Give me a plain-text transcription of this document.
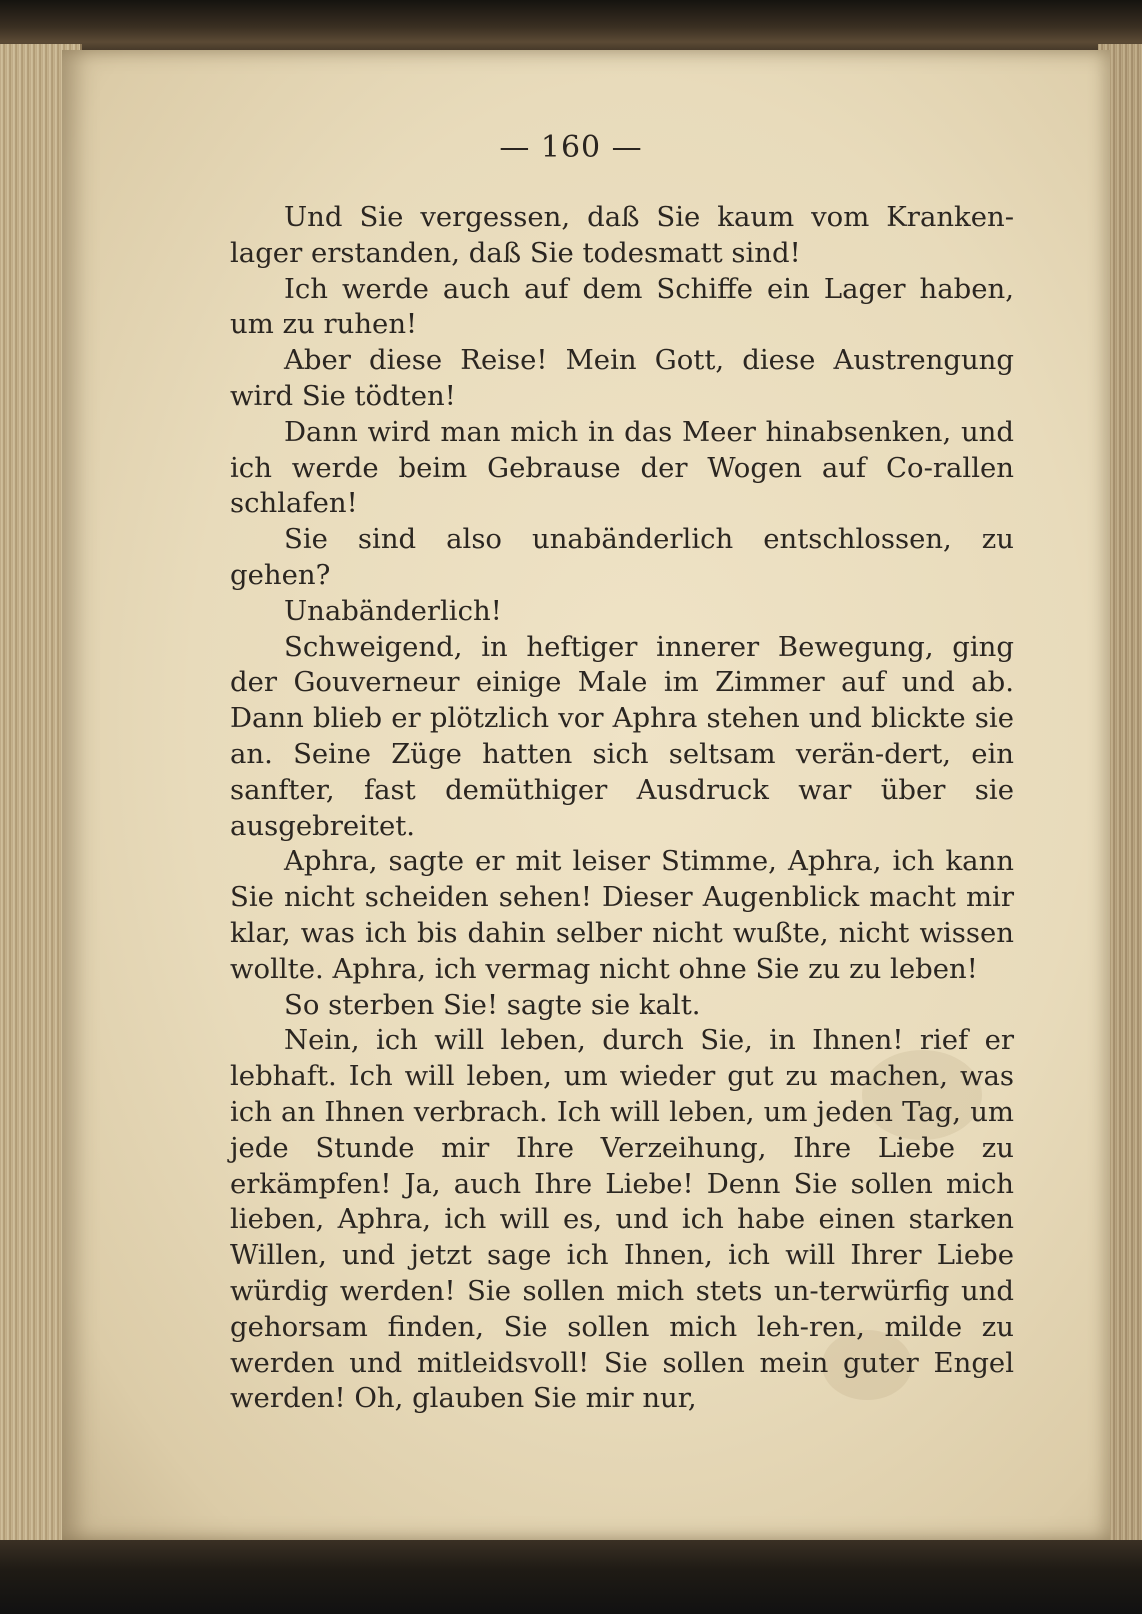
— 160 —

Und Sie vergessen, daß Sie kaum vom Kranken-lager erstanden, daß Sie todesmatt sind!

Ich werde auch auf dem Schiffe ein Lager haben, um zu ruhen!

Aber diese Reise! Mein Gott, diese Austrengung wird Sie tödten!

Dann wird man mich in das Meer hinabsenken, und ich werde beim Gebrause der Wogen auf Co-rallen schlafen!

Sie sind also unabänderlich entschlossen, zu gehen?

Unabänderlich!

Schweigend, in heftiger innerer Bewegung, ging der Gouverneur einige Male im Zimmer auf und ab. Dann blieb er plötzlich vor Aphra stehen und blickte sie an. Seine Züge hatten sich seltsam verän-dert, ein sanfter, fast demüthiger Ausdruck war über sie ausgebreitet.

Aphra, sagte er mit leiser Stimme, Aphra, ich kann Sie nicht scheiden sehen! Dieser Augenblick macht mir klar, was ich bis dahin selber nicht wußte, nicht wissen wollte. Aphra, ich vermag nicht ohne Sie zu zu leben!

So sterben Sie! sagte sie kalt.

Nein, ich will leben, durch Sie, in Ihnen! rief er lebhaft. Ich will leben, um wieder gut zu machen, was ich an Ihnen verbrach. Ich will leben, um jeden Tag, um jede Stunde mir Ihre Verzeihung, Ihre Liebe zu erkämpfen! Ja, auch Ihre Liebe! Denn Sie sollen mich lieben, Aphra, ich will es, und ich habe einen starken Willen, und jetzt sage ich Ihnen, ich will Ihrer Liebe würdig werden! Sie sollen mich stets un-terwürfig und gehorsam finden, Sie sollen mich leh-ren, milde zu werden und mitleidsvoll! Sie sollen mein guter Engel werden! Oh, glauben Sie mir nur,
